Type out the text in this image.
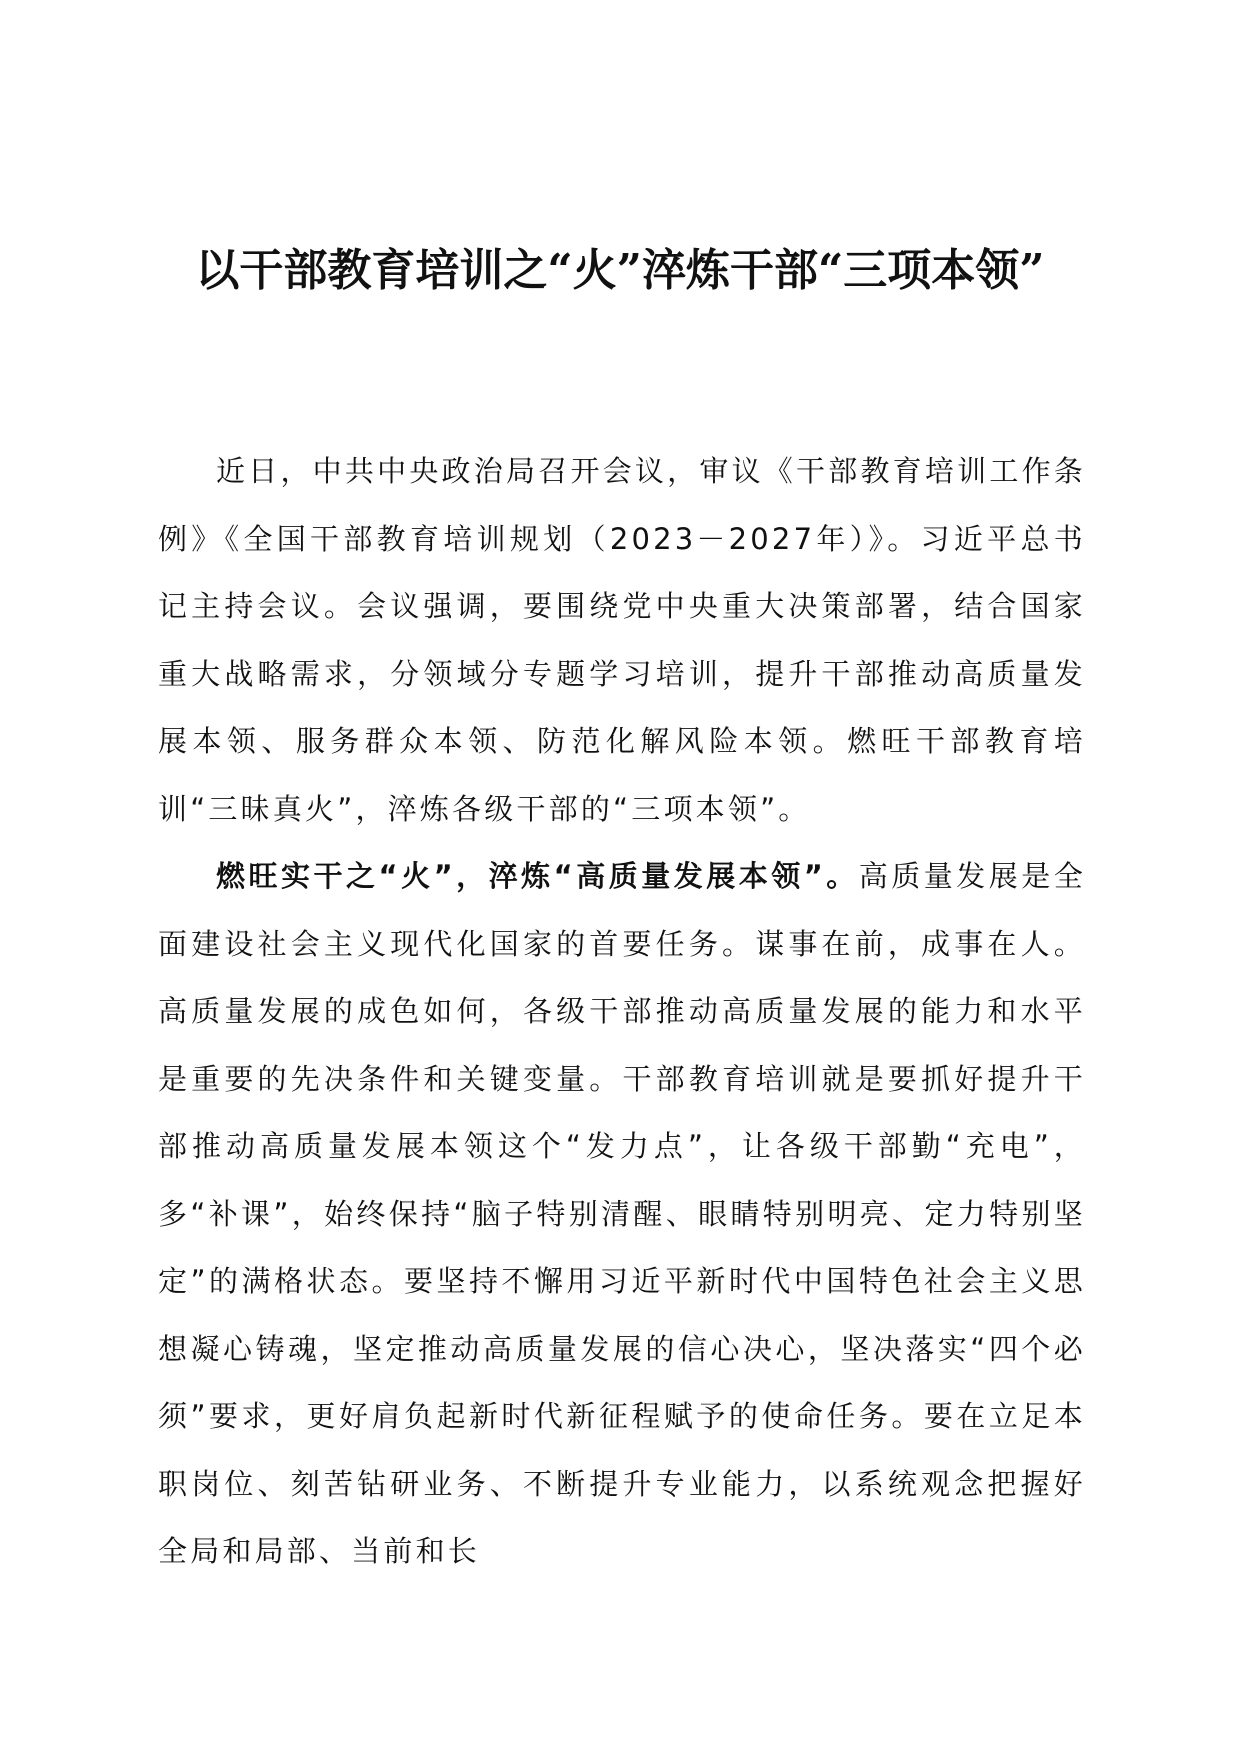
以干部教育培训之“火”淬炼干部“三项本领”

近日，中共中央政治局召开会议，审议《干部教育培训工作条例》《全国干部教育培训规划（2023－2027年）》。习近平总书记主持会议。会议强调，要围绕党中央重大决策部署，结合国家重大战略需求，分领域分专题学习培训，提升干部推动高质量发展本领、服务群众本领、防范化解风险本领。燃旺干部教育培训“三昧真火”，淬炼各级干部的“三项本领”。

燃旺实干之“火”，淬炼“高质量发展本领”。高质量发展是全面建设社会主义现代化国家的首要任务。谋事在前，成事在人。高质量发展的成色如何，各级干部推动高质量发展的能力和水平是重要的先决条件和关键变量。干部教育培训就是要抓好提升干部推动高质量发展本领这个“发力点”，让各级干部勤“充电”，多“补课”，始终保持“脑子特别清醒、眼睛特别明亮、定力特别坚定”的满格状态。要坚持不懈用习近平新时代中国特色社会主义思想凝心铸魂，坚定推动高质量发展的信心决心，坚决落实“四个必须”要求，更好肩负起新时代新征程赋予的使命任务。要在立足本职岗位、刻苦钻研业务、不断提升专业能力，以系统观念把握好全局和局部、当前和长
